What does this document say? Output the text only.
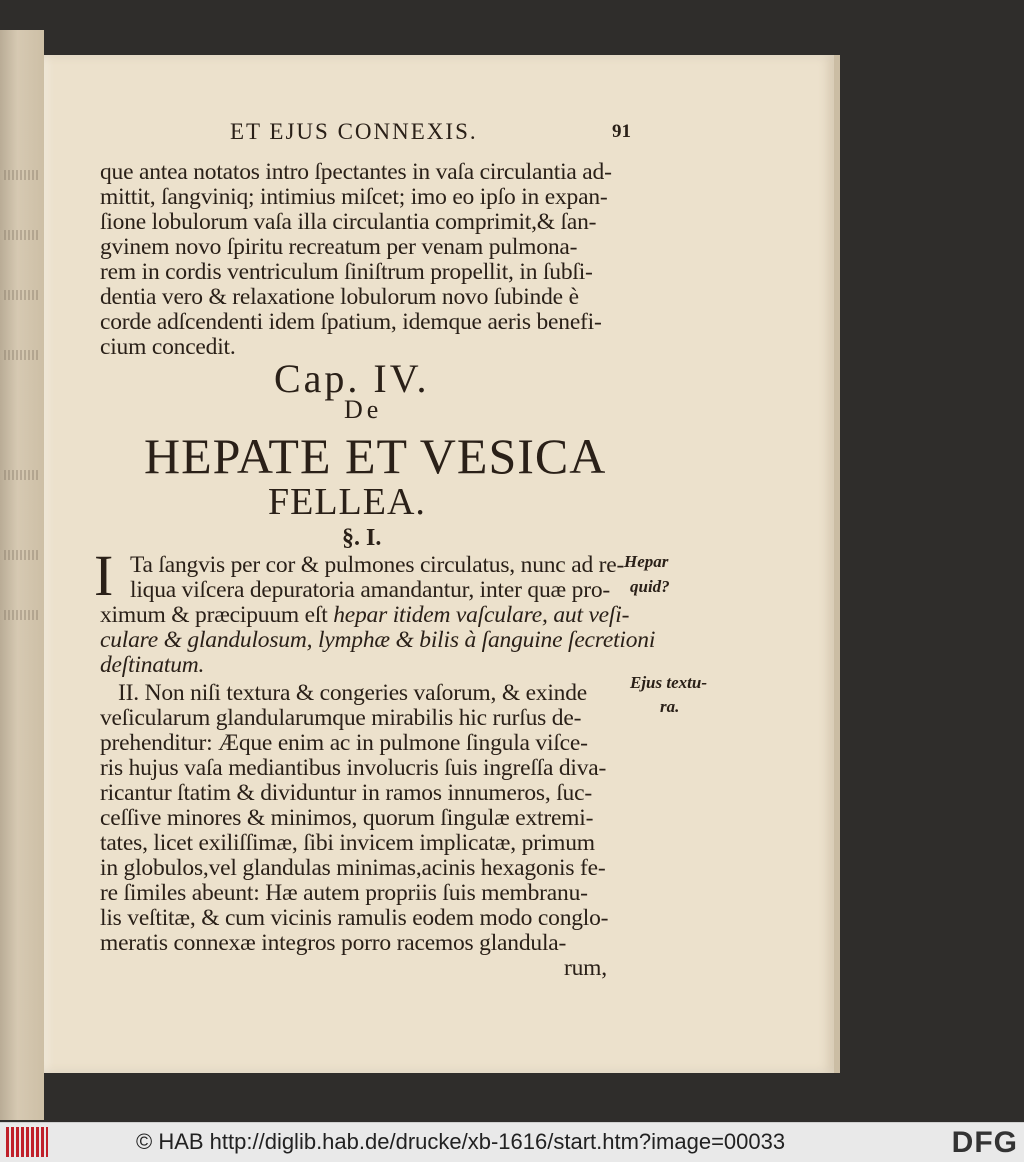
ET EJUS CONNEXIS.	91
que antea notatos intro ſpectantes in vaſa circulantia ad-
mittit, ſangviniq; intimius miſcet; imo eo ipſo in expan-
ſione lobulorum vaſa illa circulantia comprimit,& ſan-
gvinem novo ſpiritu recreatum per venam pulmona-
rem in cordis ventriculum ſiniſtrum propellit, in ſubſi-
dentia vero & relaxatione lobulorum novo ſubinde è
corde adſcendenti idem ſpatium, idemque aeris benefi-
cium concedit.
Cap. IV.
De
HEPATE ET VESICA
FELLEA.
§. I.
I Ta ſangvis per cor & pulmones circulatus, nunc ad re-
liqua viſcera depuratoria amandantur, inter quæ pro-
ximum & præcipuum eſt hepar itidem vaſculare, aut veſi-
culare & glandulosum, lymphæ & bilis à ſanguine ſecretioni
deſtinatum.
II. Non niſi textura & congeries vaſorum, & exinde
veſicularum glandularumque mirabilis hic rurſus de-
prehenditur: Æque enim ac in pulmone ſingula viſce-
ris hujus vaſa mediantibus involucris ſuis ingreſſa diva-
ricantur ſtatim & dividuntur in ramos innumeros, ſuc-
ceſſive minores & minimos, quorum ſingulæ extremi-
tates, licet exiliſſimæ, ſibi invicem implicatæ, primum
in globulos,vel glandulas minimas,acinis hexagonis fe-
re ſimiles abeunt: Hæ autem propriis ſuis membranu-
lis veſtitæ, & cum vicinis ramulis eodem modo conglo-
meratis connexæ integros porro racemos glandula-
rum,
Hepar
quid?
Ejus textu-
ra.
© HAB http://diglib.hab.de/drucke/xb-1616/start.htm?image=00033	DFG
